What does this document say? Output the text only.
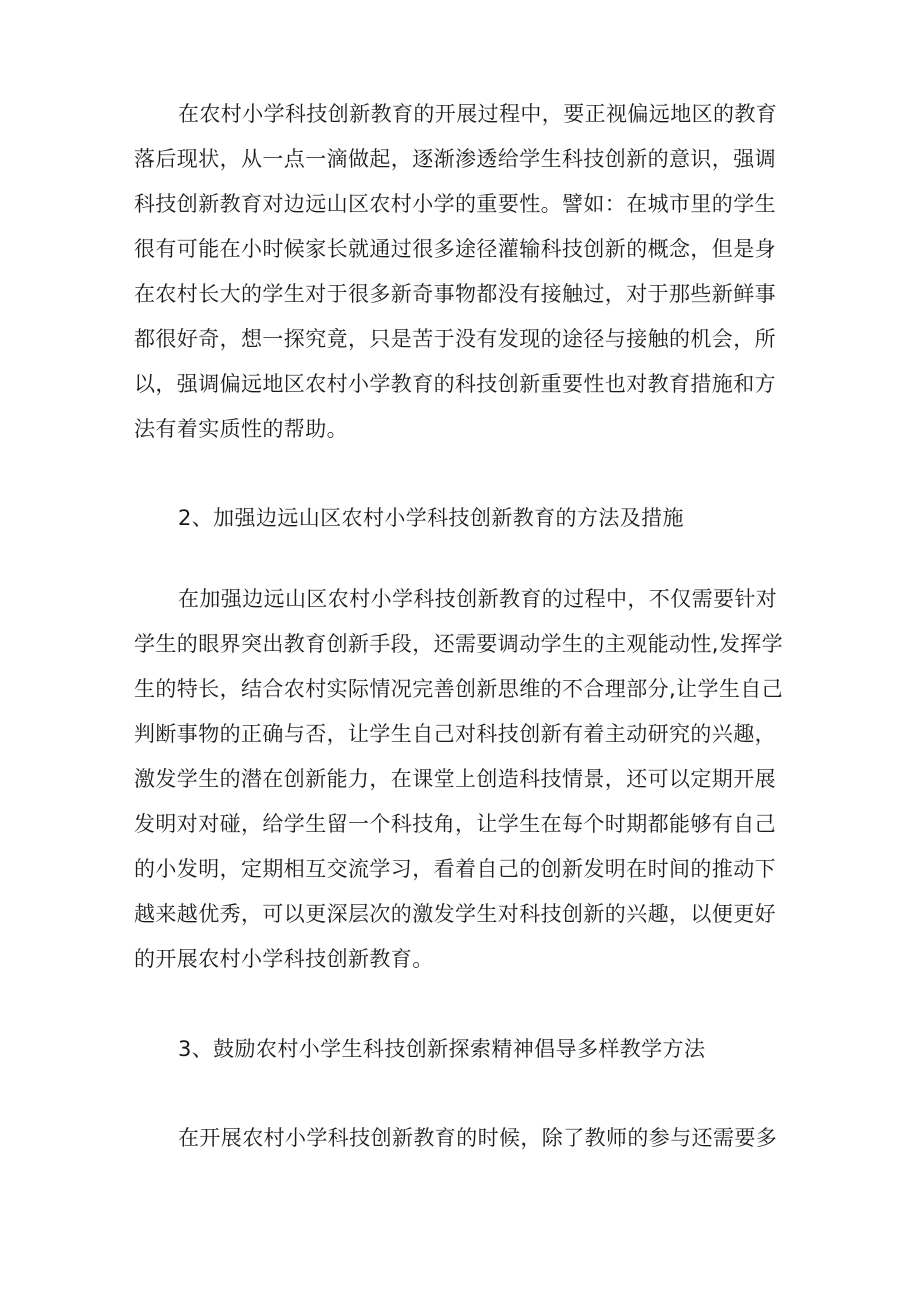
在农村小学科技创新教育的开展过程中，要正视偏远地区的教育
落后现状，从一点一滴做起，逐渐渗透给学生科技创新的意识，强调
科技创新教育对边远山区农村小学的重要性。譬如：在城市里的学生
很有可能在小时候家长就通过很多途径灌输科技创新的概念，但是身
在农村长大的学生对于很多新奇事物都没有接触过，对于那些新鲜事
都很好奇，想一探究竟，只是苦于没有发现的途径与接触的机会，所
以，强调偏远地区农村小学教育的科技创新重要性也对教育措施和方
法有着实质性的帮助。
2、加强边远山区农村小学科技创新教育的方法及措施
在加强边远山区农村小学科技创新教育的过程中，不仅需要针对
学生的眼界突出教育创新手段，还需要调动学生的主观能动性,发挥学
生的特长，结合农村实际情况完善创新思维的不合理部分,让学生自己
判断事物的正确与否，让学生自己对科技创新有着主动研究的兴趣，
激发学生的潜在创新能力，在课堂上创造科技情景，还可以定期开展
发明对对碰，给学生留一个科技角，让学生在每个时期都能够有自己
的小发明，定期相互交流学习，看着自己的创新发明在时间的推动下
越来越优秀，可以更深层次的激发学生对科技创新的兴趣，以便更好
的开展农村小学科技创新教育。
3、鼓励农村小学生科技创新探索精神倡导多样教学方法
在开展农村小学科技创新教育的时候，除了教师的参与还需要多
